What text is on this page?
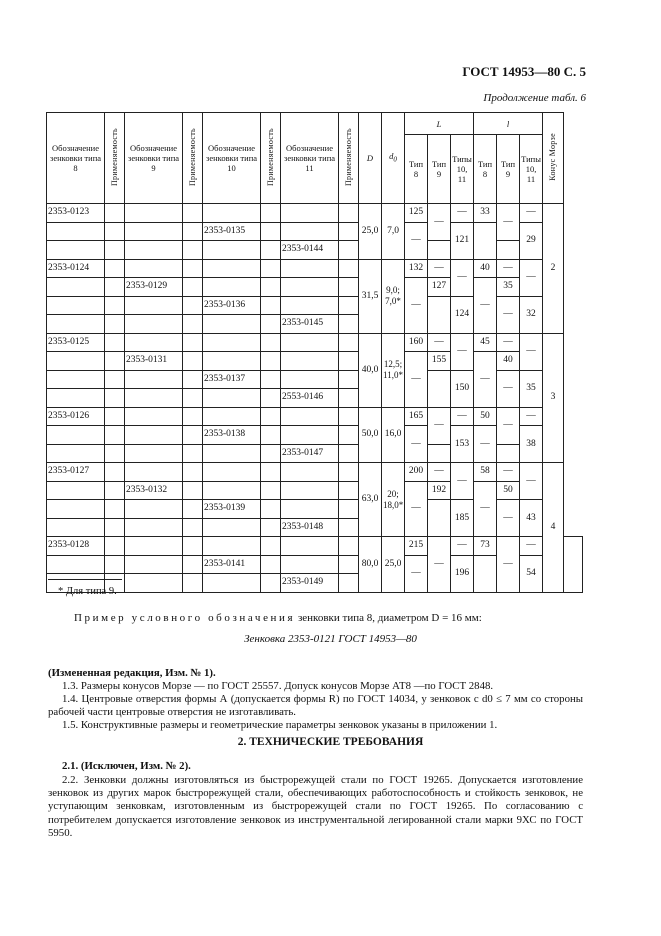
ГОСТ 14953—80 С. 5
Продолжение табл. 6
Обозначение зенковки типа 8	Применяемость	Обозначение зенковки типа 9	Применяемость	Обозначение зенковки типа 10	Применяемость	Обозначение зенковки типа 11	Применяемость	D	$d_0$	L			l			Конус Морзе	
										Тип 8	Тип 9	Типы 10, 11	Тип 8	Тип 9	Типы 10, 11		
2353-0123								25,0	7,0	125	—	—	33	—	—	2	
				2353-0135						—		121			29		
						2353-0144											
2353-0124								31,5	9,0; 7,0*	132	—	—	40	—	—		
		2353-0129								—	127		—	35			
				2353-0136								124		—	32		
						2353-0145											
2353-0125								40,0	12,5; 11,0*	160	—	—	45	—	—	3	
		2353-0131								—	155		—	40			
				2353-0137								150		—	35		
						2553-0146											
2353-0126								50,0	16,0	165	—	—	50	—	—		
				2353-0138						—		153	—		38		
						2353-0147											
2353-0127								63,0	20; 18,0*	200	—	—	58	—	—	4	
		2353-0132								—	192		—	50			
				2353-0139								185		—	43		
						2353-0148											
2353-0128								80,0	25,0	215	—	—	73	—	—		
				2353-0141						—		196			54		
						2353-0149											
* Для типа 9.
Пример условного обозначения зенковки типа 8, диаметром D = 16 мм:
Зенковка 2353-0121 ГОСТ 14953—80
(Измененная редакция, Изм. № 1).
1.3. Размеры конусов Морзе — по ГОСТ 25557. Допуск конусов Морзе АТ8 —по ГОСТ 2848.
1.4. Центровые отверстия формы А (допускается формы R) по ГОСТ 14034, у зенковок с d0 ≤ 7 мм со стороны рабочей части центровые отверстия не изготавливать.
1.5. Конструктивные размеры и геометрические параметры зенковок указаны в приложении 1.
2. ТЕХНИЧЕСКИЕ ТРЕБОВАНИЯ
2.1. (Исключен, Изм. № 2).
2.2. Зенковки должны изготовляться из быстрорежущей стали по ГОСТ 19265. Допускается изготовление зенковок из других марок быстрорежущей стали, обеспечивающих работоспособность и стойкость зенковок, не уступающим зенковкам, изготовленным из быстрорежущей стали по ГОСТ 19265. По согласованию с потребителем допускается изготовление зенковок из инструментальной легированной стали марки 9ХС по ГОСТ 5950.
